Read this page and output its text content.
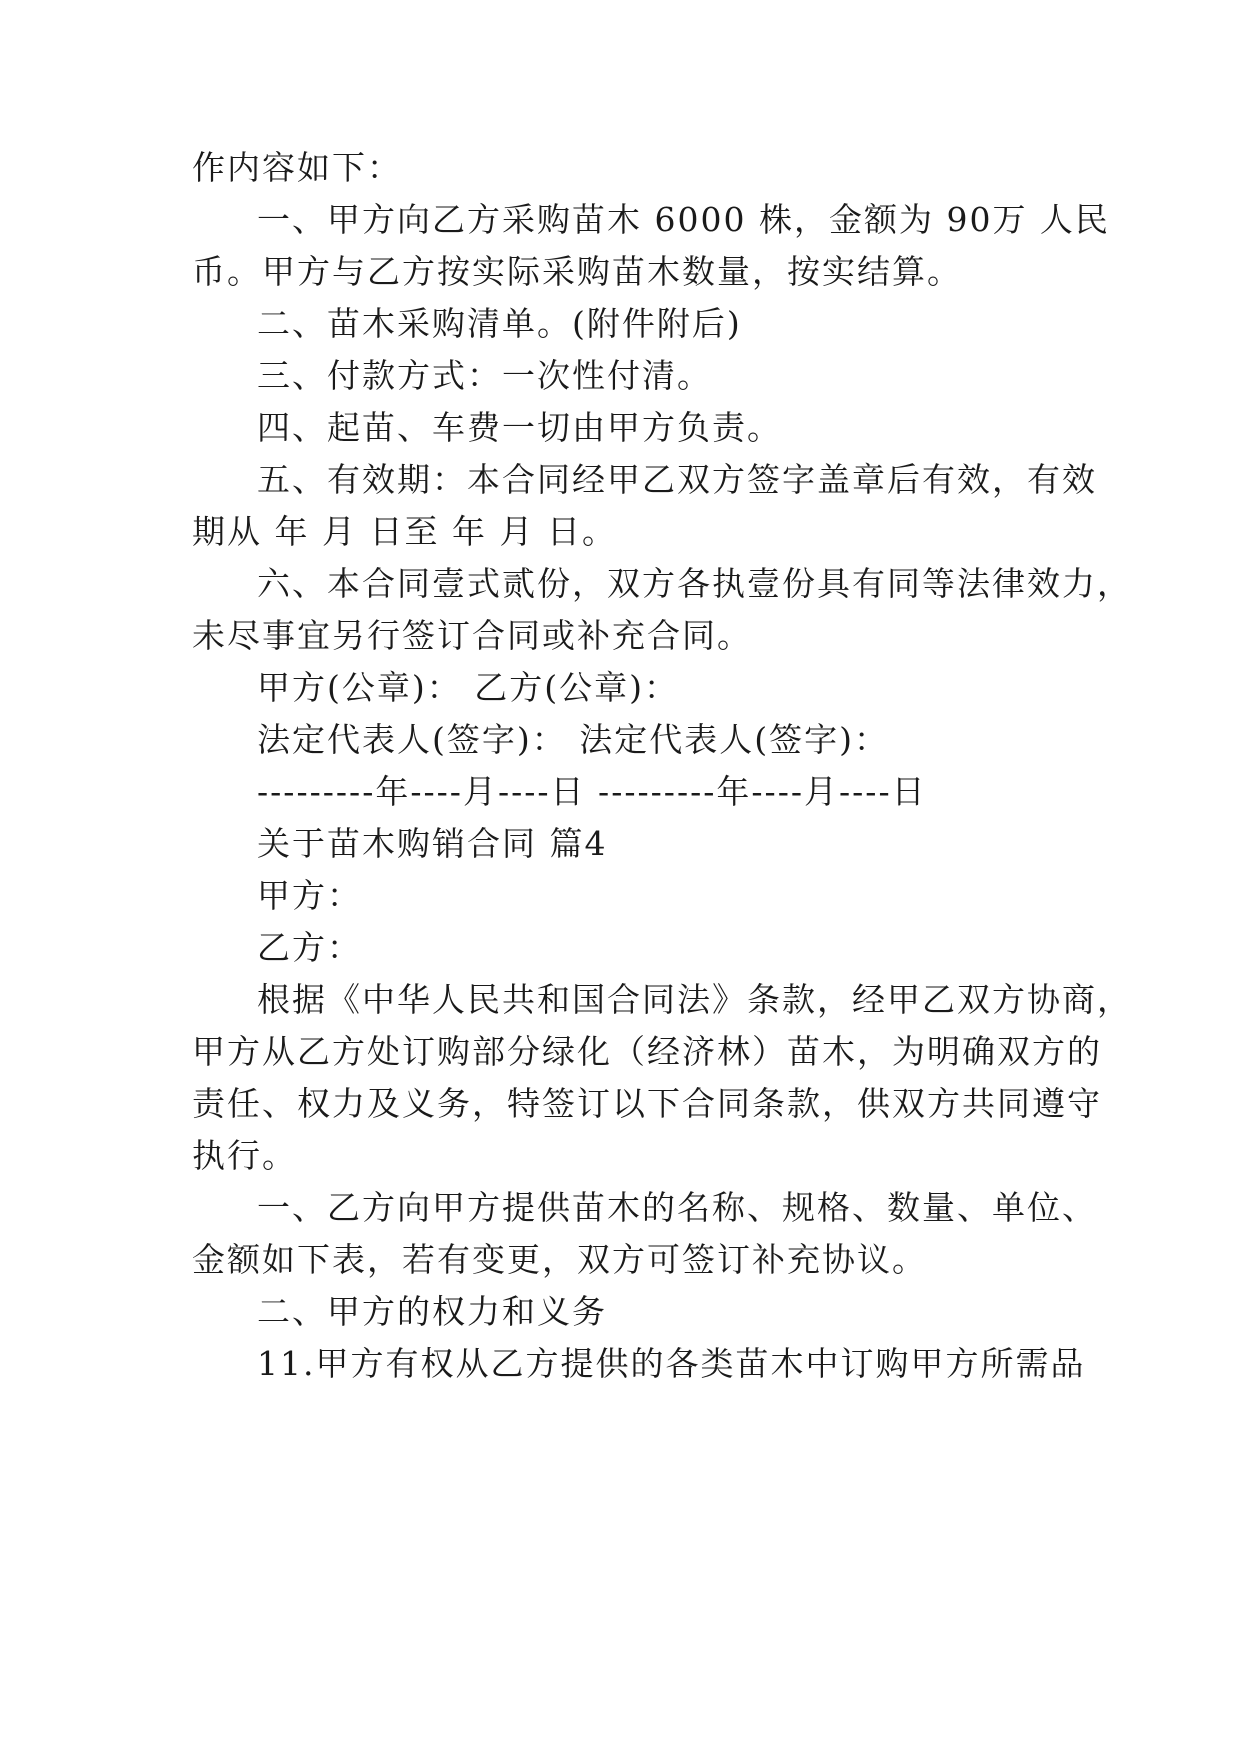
作内容如下：

一、甲方向乙方采购苗木 6000 株，金额为 90万 人民

币。甲方与乙方按实际采购苗木数量，按实结算。

二、苗木采购清单。(附件附后)

三、付款方式：一次性付清。

四、起苗、车费一切由甲方负责。

五、有效期：本合同经甲乙双方签字盖章后有效，有效

期从 年 月 日至 年 月 日。

六、本合同壹式贰份，双方各执壹份具有同等法律效力，

未尽事宜另行签订合同或补充合同。

甲方(公章)： 乙方(公章)：

法定代表人(签字)： 法定代表人(签字)：

---------年----月----日 ---------年----月----日

关于苗木购销合同 篇4

甲方：

乙方：

根据《中华人民共和国合同法》条款，经甲乙双方协商，

甲方从乙方处订购部分绿化（经济林）苗木，为明确双方的

责任、权力及义务，特签订以下合同条款，供双方共同遵守

执行。

一、乙方向甲方提供苗木的名称、规格、数量、单位、

金额如下表，若有变更，双方可签订补充协议。

二、甲方的权力和义务

11.甲方有权从乙方提供的各类苗木中订购甲方所需品
